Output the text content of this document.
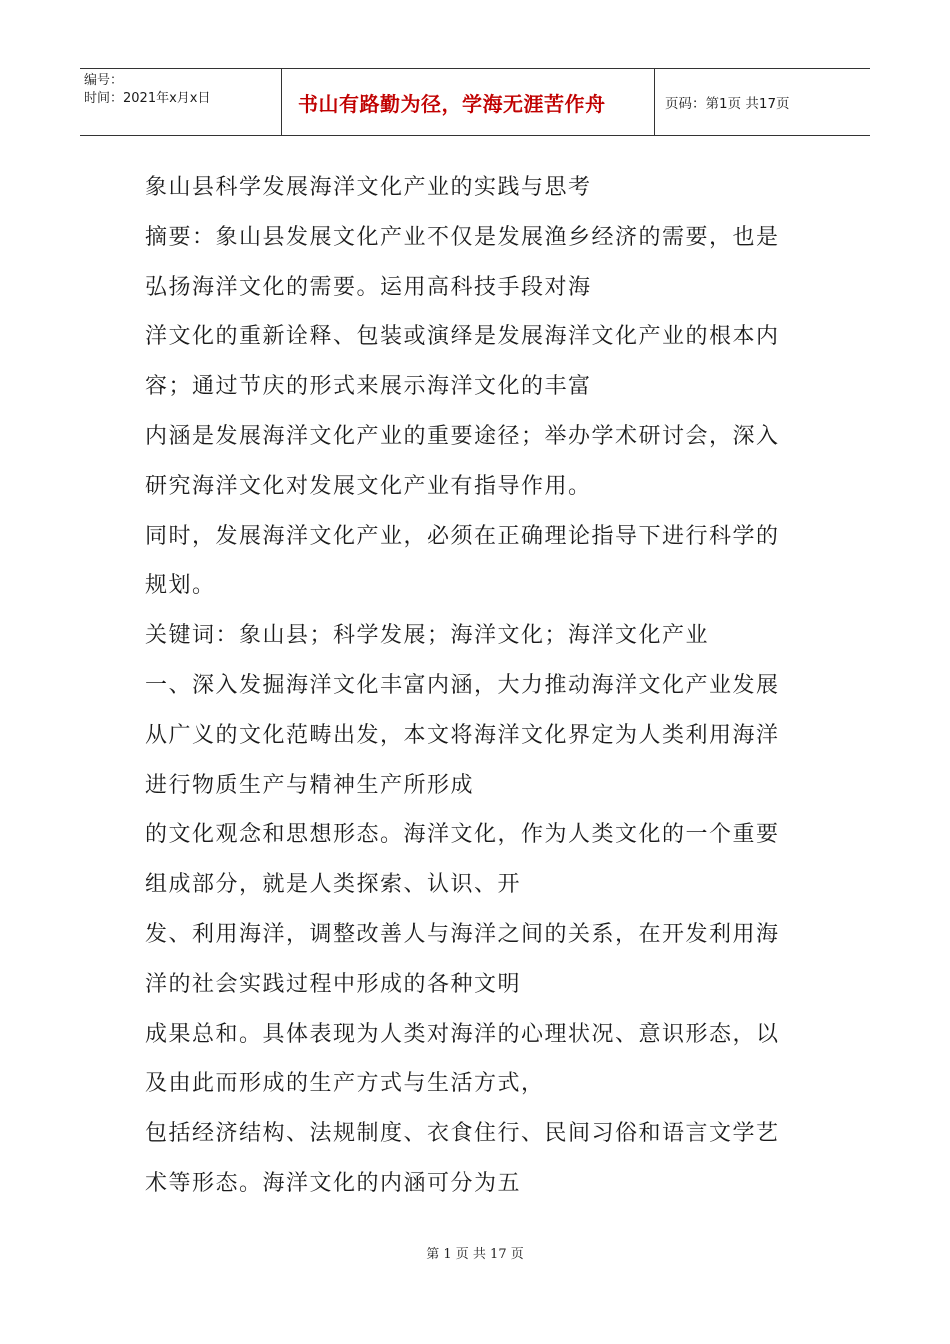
编号：
时间：2021年x月x日	书山有路勤为径，学海无涯苦作舟	页码：第1页 共17页
象山县科学发展海洋文化产业的实践与思考
摘要：象山县发展文化产业不仅是发展渔乡经济的需要，也是
弘扬海洋文化的需要。运用高科技手段对海
洋文化的重新诠释、包装或演绎是发展海洋文化产业的根本内
容；通过节庆的形式来展示海洋文化的丰富
内涵是发展海洋文化产业的重要途径；举办学术研讨会，深入
研究海洋文化对发展文化产业有指导作用。
同时，发展海洋文化产业，必须在正确理论指导下进行科学的
规划。
关键词：象山县；科学发展；海洋文化；海洋文化产业
一、深入发掘海洋文化丰富内涵，大力推动海洋文化产业发展
从广义的文化范畴出发，本文将海洋文化界定为人类利用海洋
进行物质生产与精神生产所形成
的文化观念和思想形态。海洋文化，作为人类文化的一个重要
组成部分，就是人类探索、认识、开
发、利用海洋，调整改善人与海洋之间的关系，在开发利用海
洋的社会实践过程中形成的各种文明
成果总和。具体表现为人类对海洋的心理状况、意识形态，以
及由此而形成的生产方式与生活方式，
包括经济结构、法规制度、衣食住行、民间习俗和语言文学艺
术等形态。海洋文化的内涵可分为五
第 1 页 共 17 页
